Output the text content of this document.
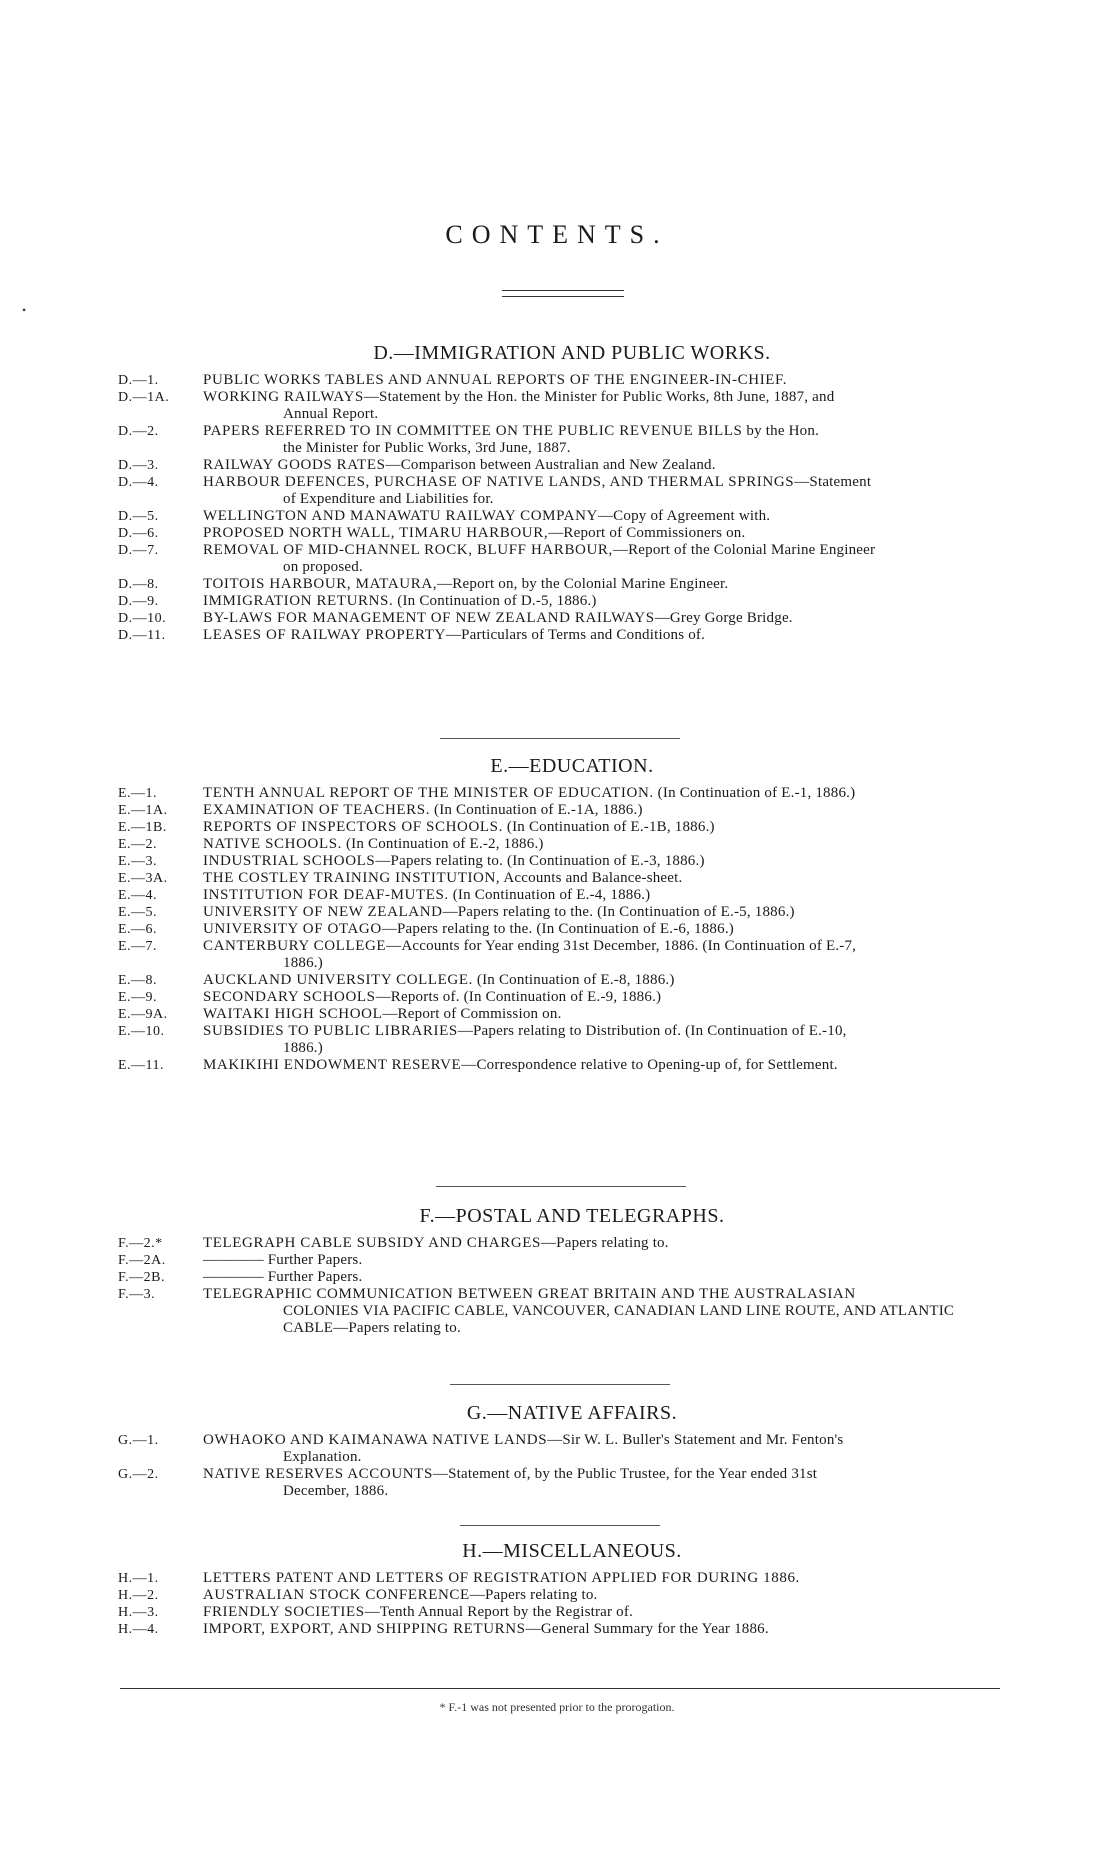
•
CONTENTS.
D.—IMMIGRATION AND PUBLIC WORKS.
D.—1.	PUBLIC WORKS TABLES AND ANNUAL REPORTS OF THE ENGINEER-IN-CHIEF.
D.—1A.	WORKING RAILWAYS—Statement by the Hon. the Minister for Public Works, 8th June, 1887, and
Annual Report.
D.—2.	PAPERS REFERRED TO IN COMMITTEE ON THE PUBLIC REVENUE BILLS by the Hon.
the Minister for Public Works, 3rd June, 1887.
D.—3.	RAILWAY GOODS RATES—Comparison between Australian and New Zealand.
D.—4.	HARBOUR DEFENCES, PURCHASE OF NATIVE LANDS, AND THERMAL SPRINGS—Statement
of Expenditure and Liabilities for.
D.—5.	WELLINGTON AND MANAWATU RAILWAY COMPANY—Copy of Agreement with.
D.—6.	PROPOSED NORTH WALL, TIMARU HARBOUR,—Report of Commissioners on.
D.—7.	REMOVAL OF MID-CHANNEL ROCK, BLUFF HARBOUR,—Report of the Colonial Marine Engineer
on proposed.
D.—8.	TOITOIS HARBOUR, MATAURA,—Report on, by the Colonial Marine Engineer.
D.—9.	IMMIGRATION RETURNS. (In Continuation of D.-5, 1886.)
D.—10.	BY-LAWS FOR MANAGEMENT OF NEW ZEALAND RAILWAYS—Grey Gorge Bridge.
D.—11.	LEASES OF RAILWAY PROPERTY—Particulars of Terms and Conditions of.
E.—EDUCATION.
E.—1.	TENTH ANNUAL REPORT OF THE MINISTER OF EDUCATION. (In Continuation of E.-1, 1886.)
E.—1A.	EXAMINATION OF TEACHERS. (In Continuation of E.-1A, 1886.)
E.—1B.	REPORTS OF INSPECTORS OF SCHOOLS. (In Continuation of E.-1B, 1886.)
E.—2.	NATIVE SCHOOLS. (In Continuation of E.-2, 1886.)
E.—3.	INDUSTRIAL SCHOOLS—Papers relating to. (In Continuation of E.-3, 1886.)
E.—3A.	THE COSTLEY TRAINING INSTITUTION, Accounts and Balance-sheet.
E.—4.	INSTITUTION FOR DEAF-MUTES. (In Continuation of E.-4, 1886.)
E.—5.	UNIVERSITY OF NEW ZEALAND—Papers relating to the. (In Continuation of E.-5, 1886.)
E.—6.	UNIVERSITY OF OTAGO—Papers relating to the. (In Continuation of E.-6, 1886.)
E.—7.	CANTERBURY COLLEGE—Accounts for Year ending 31st December, 1886. (In Continuation of E.-7,
1886.)
E.—8.	AUCKLAND UNIVERSITY COLLEGE. (In Continuation of E.-8, 1886.)
E.—9.	SECONDARY SCHOOLS—Reports of. (In Continuation of E.-9, 1886.)
E.—9A.	WAITAKI HIGH SCHOOL—Report of Commission on.
E.—10.	SUBSIDIES TO PUBLIC LIBRARIES—Papers relating to Distribution of. (In Continuation of E.-10,
1886.)
E.—11.	MAKIKIHI ENDOWMENT RESERVE—Correspondence relative to Opening-up of, for Settlement.
F.—POSTAL AND TELEGRAPHS.
F.—2.*	TELEGRAPH CABLE SUBSIDY AND CHARGES—Papers relating to.
F.—2A.	———— Further Papers.
F.—2B.	———— Further Papers.
F.—3.	TELEGRAPHIC COMMUNICATION BETWEEN GREAT BRITAIN AND THE AUSTRALASIAN
COLONIES VIA PACIFIC CABLE, VANCOUVER, CANADIAN LAND LINE ROUTE, AND ATLANTIC CABLE—Papers relating to.
G.—NATIVE AFFAIRS.
G.—1.	OWHAOKO AND KAIMANAWA NATIVE LANDS—Sir W. L. Buller's Statement and Mr. Fenton's
Explanation.
G.—2.	NATIVE RESERVES ACCOUNTS—Statement of, by the Public Trustee, for the Year ended 31st
December, 1886.
H.—MISCELLANEOUS.
H.—1.	LETTERS PATENT AND LETTERS OF REGISTRATION APPLIED FOR DURING 1886.
H.—2.	AUSTRALIAN STOCK CONFERENCE—Papers relating to.
H.—3.	FRIENDLY SOCIETIES—Tenth Annual Report by the Registrar of.
H.—4.	IMPORT, EXPORT, AND SHIPPING RETURNS—General Summary for the Year 1886.
* F.-1 was not presented prior to the prorogation.
